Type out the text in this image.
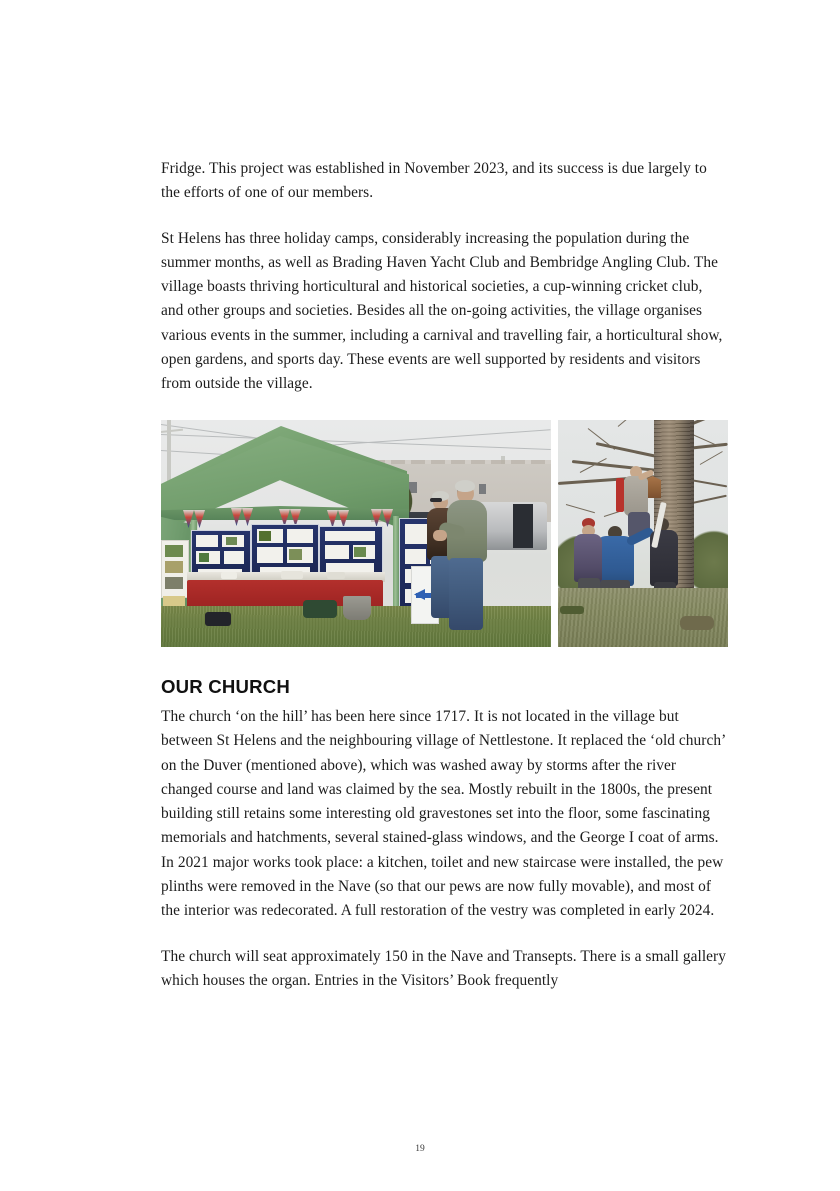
Fridge. This project was established in November 2023, and its success is due largely to the efforts of one of our members.

St Helens has three holiday camps, considerably increasing the population during the summer months, as well as Brading Haven Yacht Club and Bembridge Angling Club. The village boasts thriving horticultural and historical societies, a cup-winning cricket club, and other groups and societies. Besides all the on-going activities, the village organises various events in the summer, including a carnival and travelling fair, a horticultural show, open gardens, and sports day. These events are well supported by residents and visitors from outside the village.

OUR CHURCH

The church ‘on the hill’ has been here since 1717. It is not located in the village but between St Helens and the neighbouring village of Nettlestone. It replaced the ‘old church’ on the Duver (mentioned above), which was washed away by storms after the river changed course and land was claimed by the sea. Mostly rebuilt in the 1800s, the present building still retains some interesting old gravestones set into the floor, some fascinating memorials and hatchments, several stained-glass windows, and the George I coat of arms. In 2021 major works took place: a kitchen, toilet and new staircase were installed, the pew plinths were removed in the Nave (so that our pews are now fully movable), and most of the interior was redecorated. A full restoration of the vestry was completed in early 2024.

The church will seat approximately 150 in the Nave and Transepts. There is a small gallery which houses the organ. Entries in the Visitors’ Book frequently

19
